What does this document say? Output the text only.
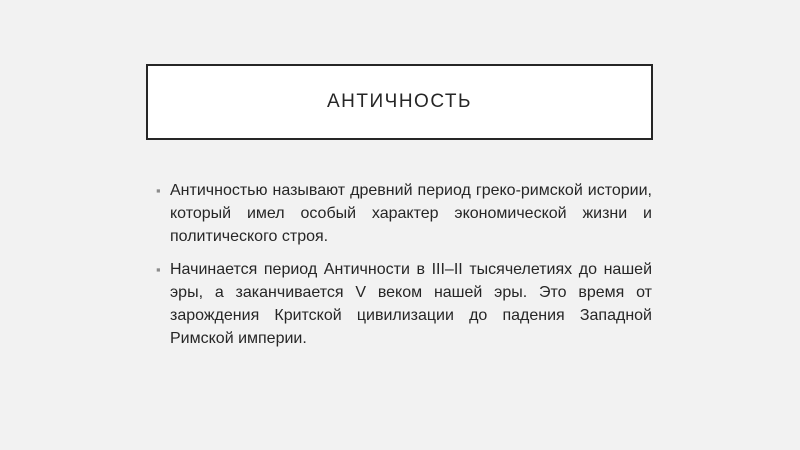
АНТИЧНОСТЬ
▪ Античностью называют древний период греко-римской истории, который имел особый характер экономической жизни и политического строя.
▪ Начинается период Античности в III–II тысячелетиях до нашей эры, а заканчивается V веком нашей эры. Это время от зарождения Критской цивилизации до падения Западной Римской империи.
